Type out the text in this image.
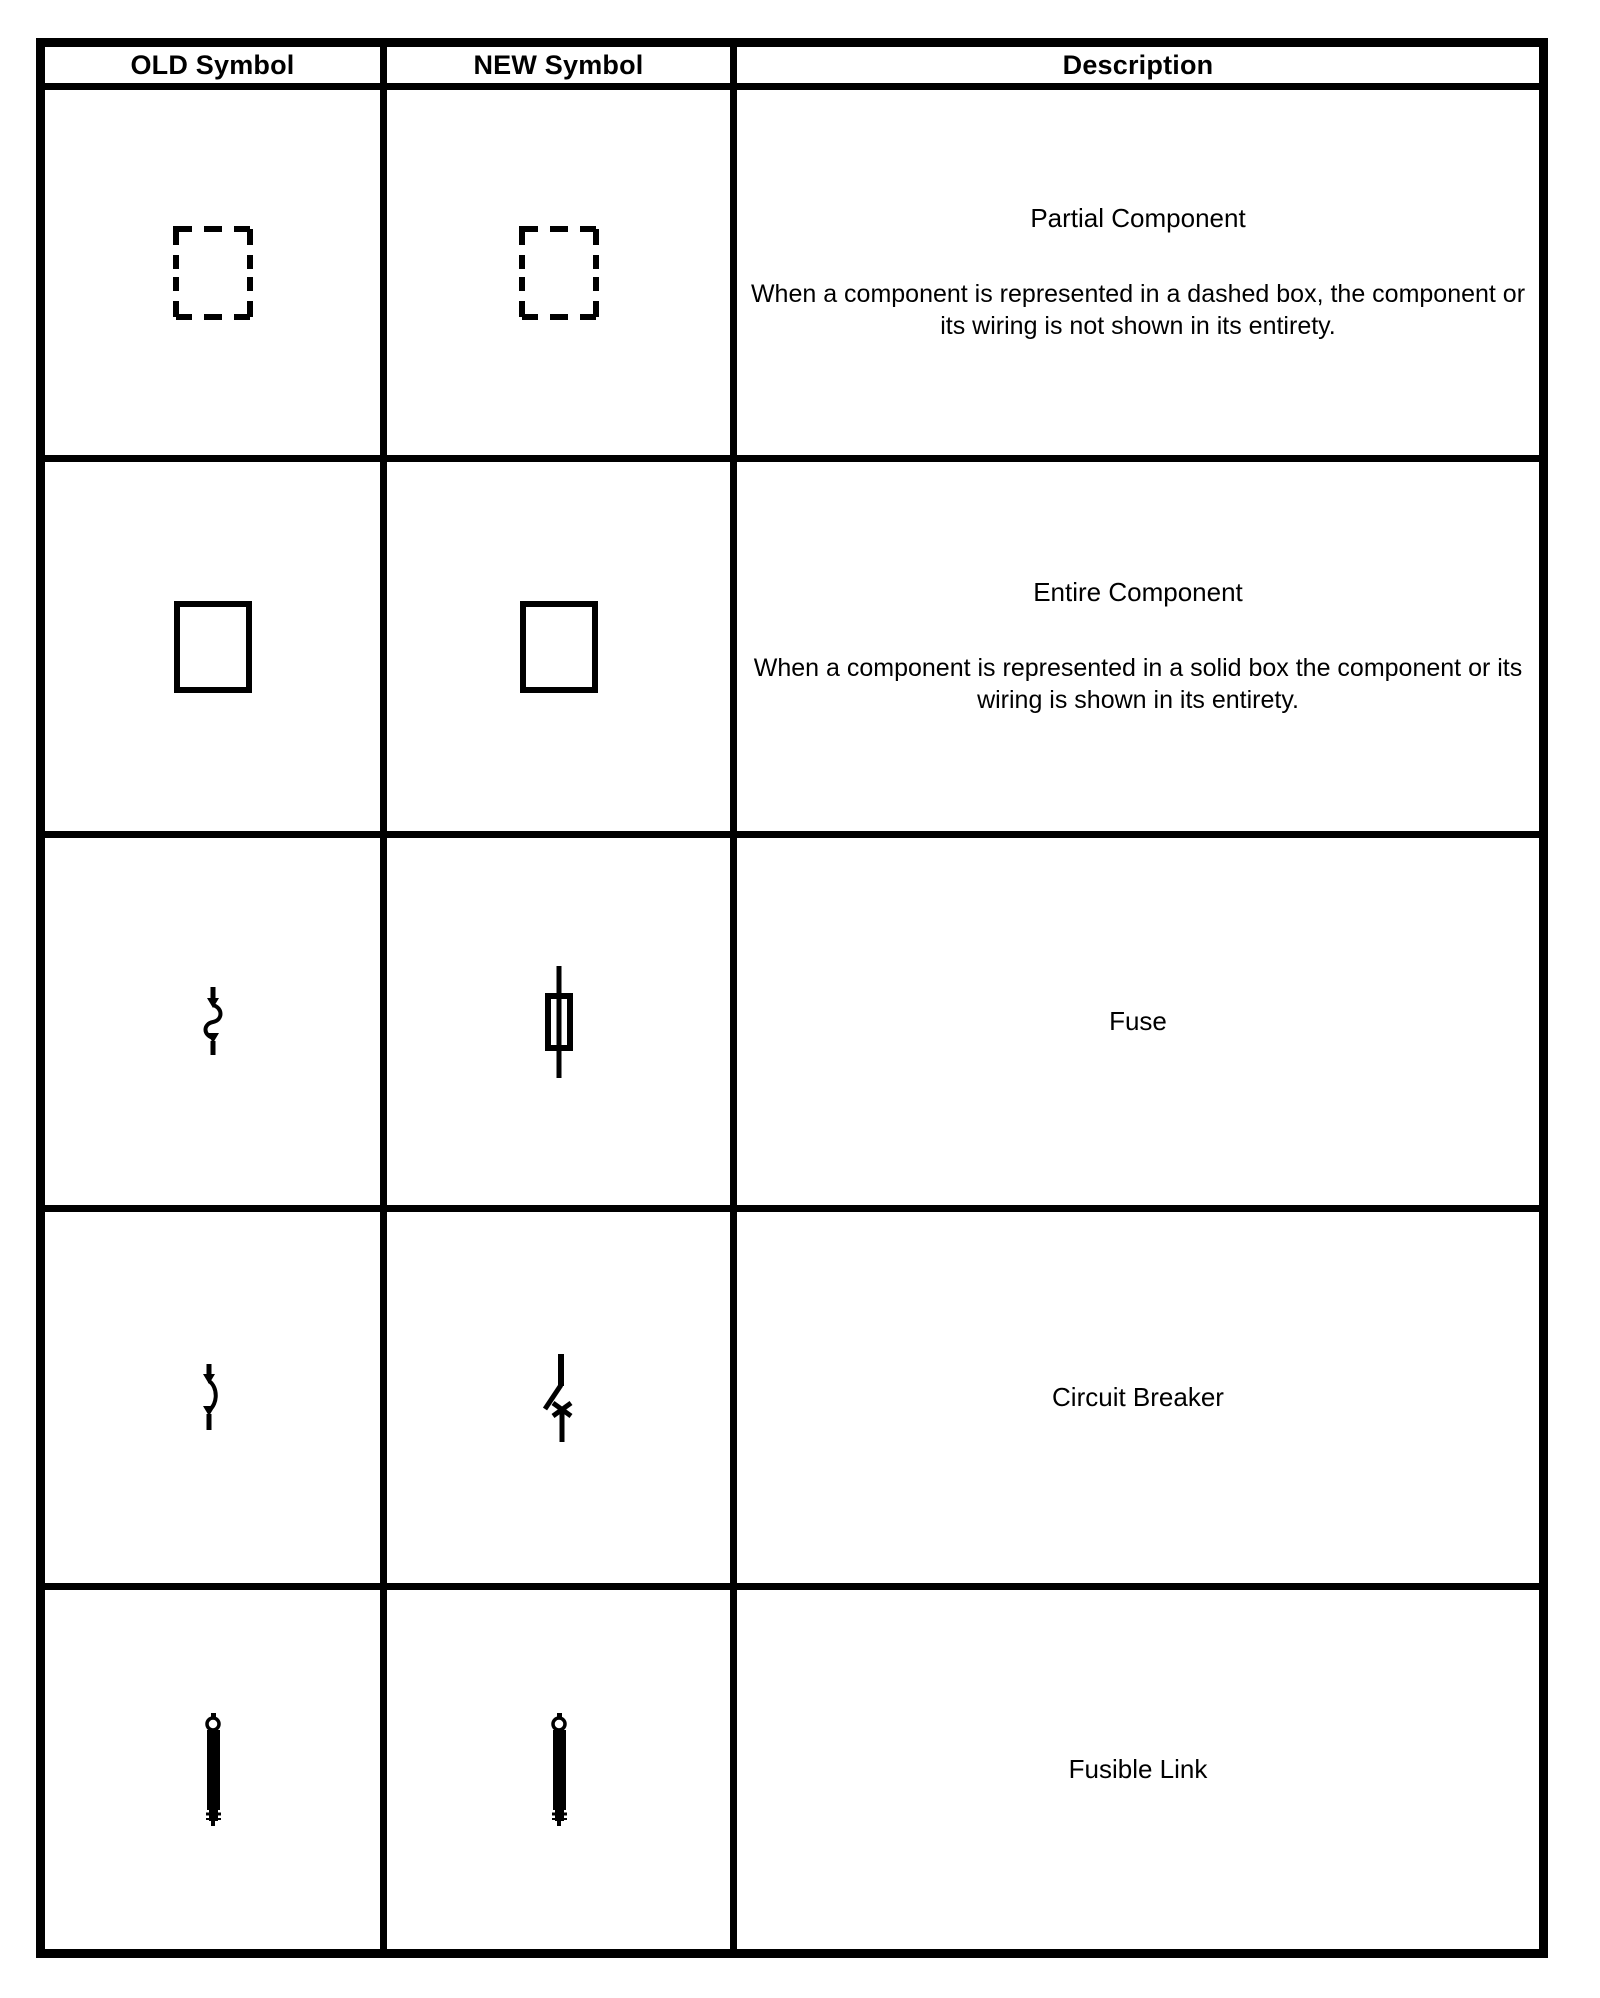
OLD Symbol	NEW Symbol	Description
Partial Component
When a component is represented in a dashed box, the component or its wiring is not shown in its entirety.
Entire Component
When a component is represented in a solid box the component or its wiring is shown in its entirety.
Fuse
Circuit Breaker
Fusible Link
